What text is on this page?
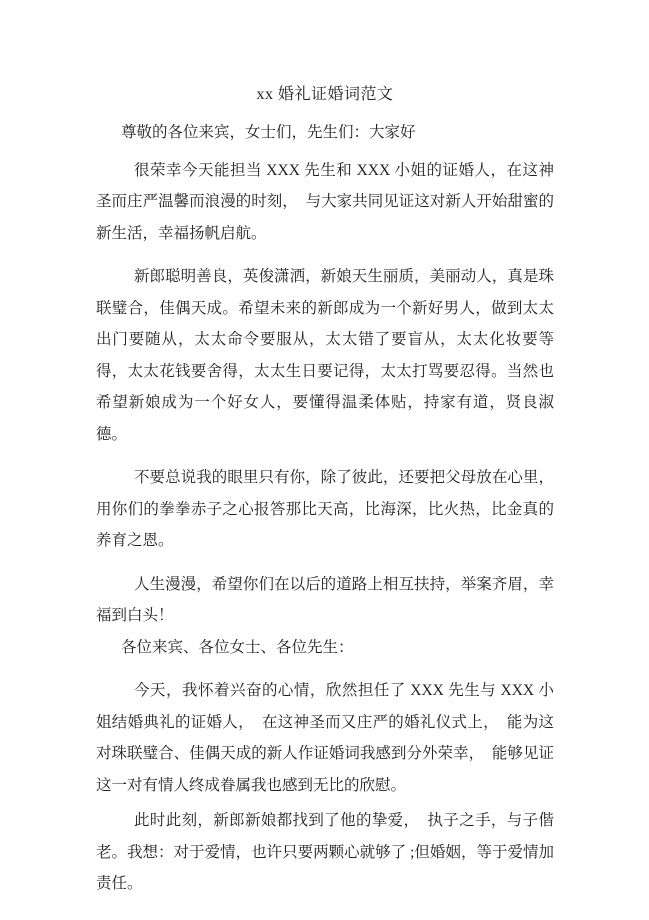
xx 婚礼证婚词范文

尊敬的各位来宾，女士们，先生们：大家好

很荣幸今天能担当 XXX 先生和 XXX 小姐的证婚人，在这神圣而庄严温馨而浪漫的时刻，　与大家共同见证这对新人开始甜蜜的新生活，幸福扬帆启航。

新郎聪明善良，英俊潇洒，新娘天生丽质，美丽动人，真是珠联璧合，佳偶天成。希望未来的新郎成为一个新好男人，做到太太出门要随从，太太命令要服从，太太错了要盲从，太太化妆要等得，太太花钱要舍得，太太生日要记得，太太打骂要忍得。当然也希望新娘成为一个好女人，要懂得温柔体贴，持家有道，贤良淑德。

不要总说我的眼里只有你，除了彼此，还要把父母放在心里，用你们的拳拳赤子之心报答那比天高，比海深，比火热，比金真的养育之恩。

人生漫漫，希望你们在以后的道路上相互扶持，举案齐眉，幸福到白头！

各位来宾、各位女士、各位先生：

今天，我怀着兴奋的心情，欣然担任了 XXX 先生与 XXX 小姐结婚典礼的证婚人，　在这神圣而又庄严的婚礼仪式上，　能为这对珠联璧合、佳偶天成的新人作证婚词我感到分外荣幸，　能够见证这一对有情人终成眷属我也感到无比的欣慰。

此时此刻，新郎新娘都找到了他的挚爱，　执子之手，与子偕老。我想：对于爱情，也许只要两颗心就够了 ;但婚姻，等于爱情加责任。
